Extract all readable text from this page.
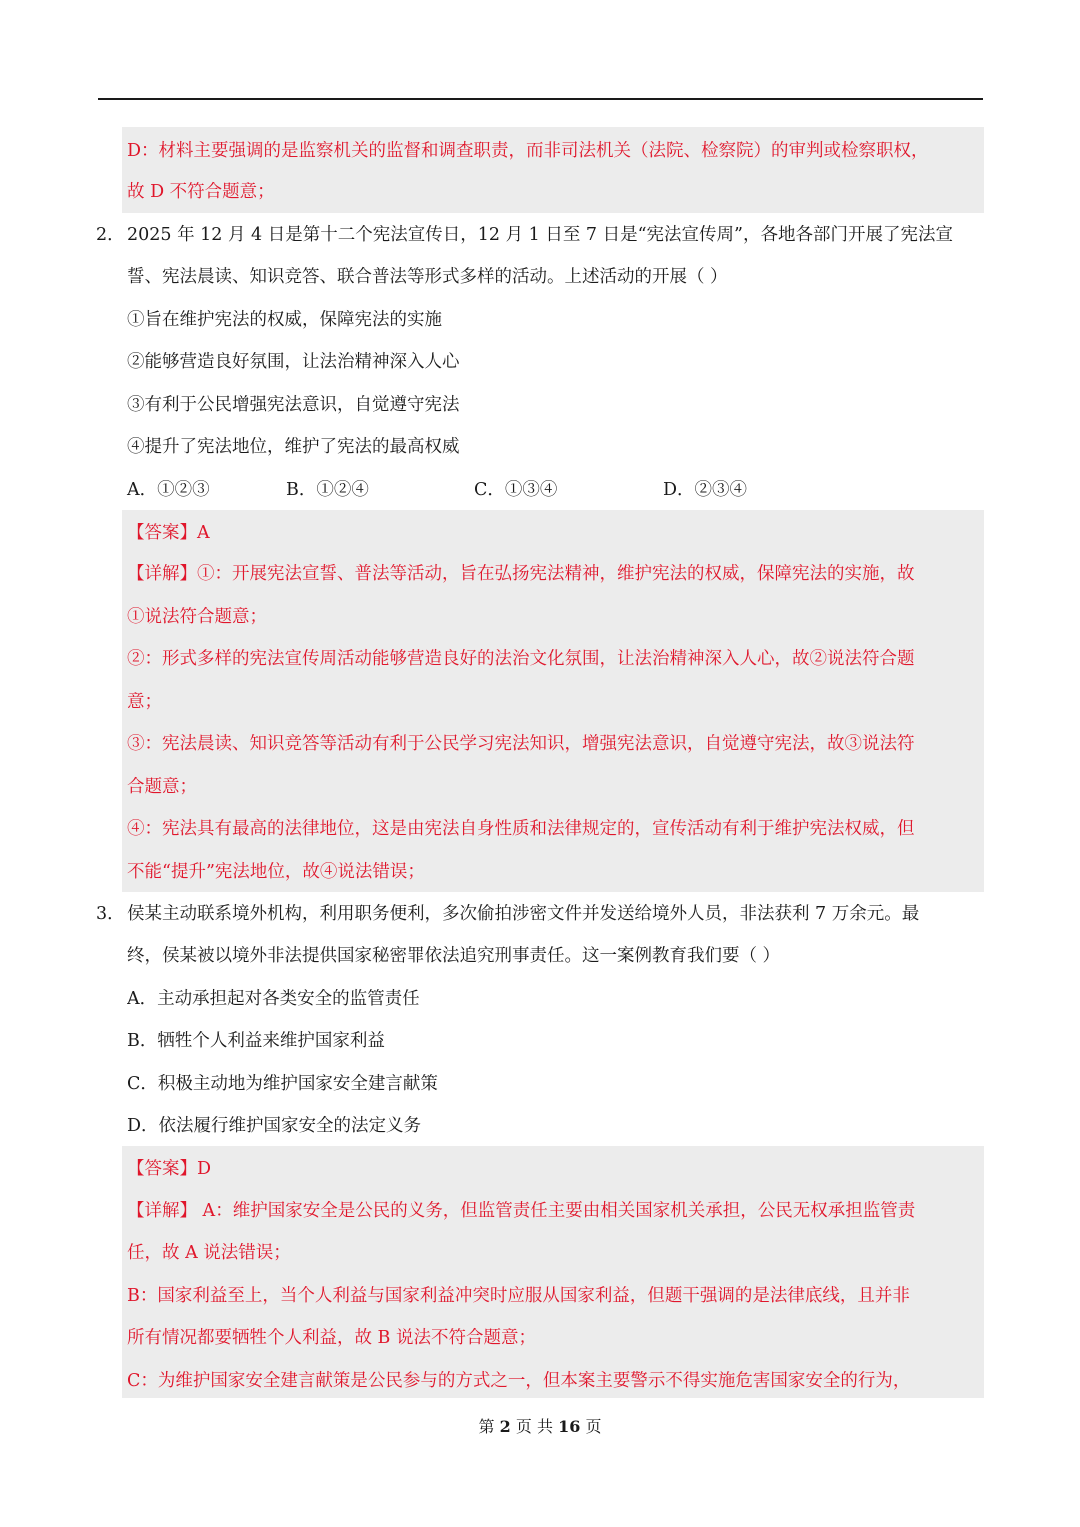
D：材料主要强调的是监察机关的监督和调查职责，而非司法机关（法院、检察院）的审判或检察职权，
故 D 不符合题意；
2． 2025 年 12 月 4 日是第十二个宪法宣传日，12 月 1 日至 7 日是“宪法宣传周”，各地各部门开展了宪法宣
誓、宪法晨读、知识竞答、联合普法等形式多样的活动。上述活动的开展（ ）
①旨在维护宪法的权威，保障宪法的实施
②能够营造良好氛围，让法治精神深入人心
③有利于公民增强宪法意识，自觉遵守宪法
④提升了宪法地位，维护了宪法的最高权威
A．①②③	B．①②④	C．①③④	D．②③④
【答案】A
【详解】①：开展宪法宣誓、普法等活动，旨在弘扬宪法精神，维护宪法的权威，保障宪法的实施，故
①说法符合题意；
②：形式多样的宪法宣传周活动能够营造良好的法治文化氛围，让法治精神深入人心，故②说法符合题
意；
③：宪法晨读、知识竞答等活动有利于公民学习宪法知识，增强宪法意识，自觉遵守宪法，故③说法符
合题意；
④：宪法具有最高的法律地位，这是由宪法自身性质和法律规定的，宣传活动有利于维护宪法权威，但
不能“提升”宪法地位，故④说法错误；
3． 侯某主动联系境外机构，利用职务便利，多次偷拍涉密文件并发送给境外人员，非法获利 7 万余元。最
终，侯某被以境外非法提供国家秘密罪依法追究刑事责任。这一案例教育我们要（ ）
A．主动承担起对各类安全的监管责任
B．牺牲个人利益来维护国家利益
C．积极主动地为维护国家安全建言献策
D．依法履行维护国家安全的法定义务
【答案】D
【详解】 A：维护国家安全是公民的义务，但监管责任主要由相关国家机关承担，公民无权承担监管责
任，故 A 说法错误；
B：国家利益至上，当个人利益与国家利益冲突时应服从国家利益，但题干强调的是法律底线，且并非
所有情况都要牺牲个人利益，故 B 说法不符合题意；
C：为维护国家安全建言献策是公民参与的方式之一，但本案主要警示不得实施危害国家安全的行为，
第 2 页 共 16 页
